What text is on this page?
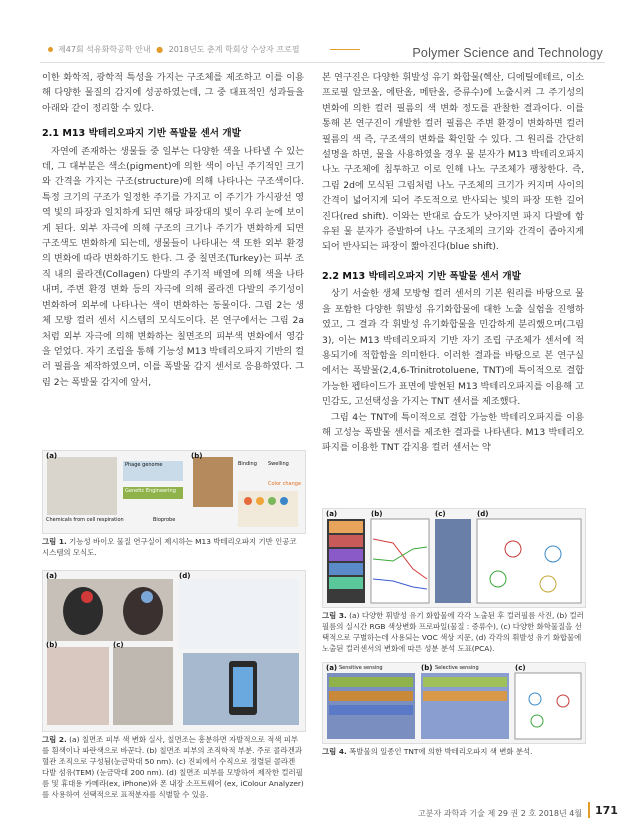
제47회 석유화학공학 안내 ● 2018년도 춘계 학회상 수상자 프로필	Polymer Science and Technology

이한 화학적, 광학적 특성을 가지는 구조체를 제조하고 이를 이용해 다양한 물질의 감지에 성공하였는데, 그 중 대표적인 성과들을 아래와 같이 정리할 수 있다.

2.1 M13 박테리오파지 기반 폭발물 센서 개발

자연에 존재하는 생물들 중 일부는 다양한 색을 나타낼 수 있는데, 그 대부분은 색소(pigment)에 의한 색이 아닌 주기적인 크기와 간격을 가지는 구조(structure)에 의해 나타나는 구조색이다. 특정 크기의 구조가 일정한 주기를 가지고 이 주기가 가시광선 영역 빛의 파장과 일치하게 되면 해당 파장대의 빛이 우리 눈에 보이게 된다. 외부 자극에 의해 구조의 크기나 주기가 변화하게 되면 구조색도 변화하게 되는데, 생물들이 나타내는 색 또한 외부 환경의 변화에 따라 변화하기도 한다. 그 중 칠면조(Turkey)는 피부 조직 내의 콜라겐(Collagen) 다발의 주기적 배열에 의해 색을 나타내며, 주변 환경 변화 등의 자극에 의해 콜라겐 다발의 주기성이 변화하여 외부에 나타나는 색이 변화하는 동물이다. 그림 2는 생체 모방 컬러 센서 시스템의 모식도이다. 본 연구에서는 그림 2a 처럼 외부 자극에 의해 변화하는 칠면조의 피부색 변화에서 영감을 얻었다. 자기 조립을 통해 기능성 M13 박테리오파지 기반의 컬러 필름을 제작하였으며, 이를 폭발물 감지 센서로 응용하였다. 그림 2는 폭발물 감지에 앞서,

(a)	(b)
Phage genome
Genetic Engineering
Chemicals from cell respiration	Bioprobe
Color change
Binding Swelling
그림 1. 기능성 바이오 물질 연구실이 제시하는 M13 박테리오파지 기반 인공코 시스템의 모식도.
(a)
(b)	(c)
(d)
그림 2. (a) 칠면조 피부 색 변화 실사, 칠면조는 흥분하면 자발적으로 적색 피부를 흰색이나 파란색으로 바꾼다. (b) 칠면조 피부의 조직학적 부분. 주로 콜라겐과 혈관 조직으로 구성됨(눈금막대 50 nm). (c) 진피에서 수직으로 정렬된 콜라겐 다발 섬유(TEM) (눈금막대 200 nm). (d) 칠면조 피부를 모방하여 제작한 컬러필름 및 휴대용 카메라(ex, iPhone)와 폰 내장 소프트웨어 (ex, iColour Analyzer)를 사용하여 선택적으로 표적분자를 식별할 수 있음.

본 연구진은 다양한 휘발성 유기 화합물(헥산, 디에틸에테르, 이소프로필 알코올, 에탄올, 메탄올, 증류수)에 노출시켜 그 주기성의 변화에 의한 컬러 필름의 색 변화 정도를 관찰한 결과이다. 이를 통해 본 연구진이 개발한 컬러 필름은 주변 환경이 변화하면 컬러필름의 색 즉, 구조색의 변화를 확인할 수 있다. 그 원리를 간단히 설명을 하면, 물을 사용하였을 경우 물 분자가 M13 박테리오파지 나노 구조체에 침투하고 이로 인해 나노 구조체가 팽창한다. 즉, 그림 2d에 모식된 그림처럼 나노 구조체의 크기가 커지며 사이의 간격이 넓어지게 되어 주도적으로 반사되는 빛의 파장 또한 길어진다(red shift). 이와는 반대로 습도가 낮아지면 파지 다발에 함유된 물 분자가 증발하여 나노 구조체의 크기와 간격이 좁아지게 되어 반사되는 파장이 짧아진다(blue shift).

2.2 M13 박테리오파지 기반 폭발물 센서 개발

상기 서술한 생체 모방형 컬러 센서의 기본 원리를 바탕으로 물을 포함한 다양한 휘발성 유기화합물에 대한 노출 실험을 진행하였고, 그 결과 각 휘발성 유기화합물을 민감하게 분리했으며(그림 3), 이는 M13 박테리오파지 기반 자기 조립 구조체가 센서에 적용되기에 적합함을 의미한다. 이러한 결과를 바탕으로 본 연구실에서는 폭발물(2,4,6-Trinitrotoluene, TNT)에 특이적으로 결합 가능한 펩타이드가 표면에 발현된 M13 박테리오파지를 이용해 고민감도, 고선택성을 가지는 TNT 센서를 제조했다.

그림 4는 TNT에 특이적으로 결합 가능한 박테리오파지를 이용해 고성능 폭발물 센서를 제조한 결과를 나타낸다. M13 박테리오파지를 이용한 TNT 감지용 컬러 센서는 약

(a)	(b)	(c)	(d)
그림 3. (a) 다양한 휘발성 유기 화합물에 각각 노출된 후 컬러필름 사진, (b) 컬러 필름의 실시간 RGB 색상변화 프로파일(물질 : 증류수), (c) 다양한 화학물질을 선택적으로 구별하는데 사용되는 VOC 색상 지문, (d) 각각의 휘발성 유기 화합물에 노출된 컬러센서의 변화에 따른 성분 분석 도표(PCA).
(a)	(b)	(c)
Sensitive sensing	Selective sensing
그림 4. 폭발물의 일종인 TNT에 의한 박테리오파지 색 변화 분석.
고분자 과학과 기술 제 29 권 2 호 2018년 4월 171
